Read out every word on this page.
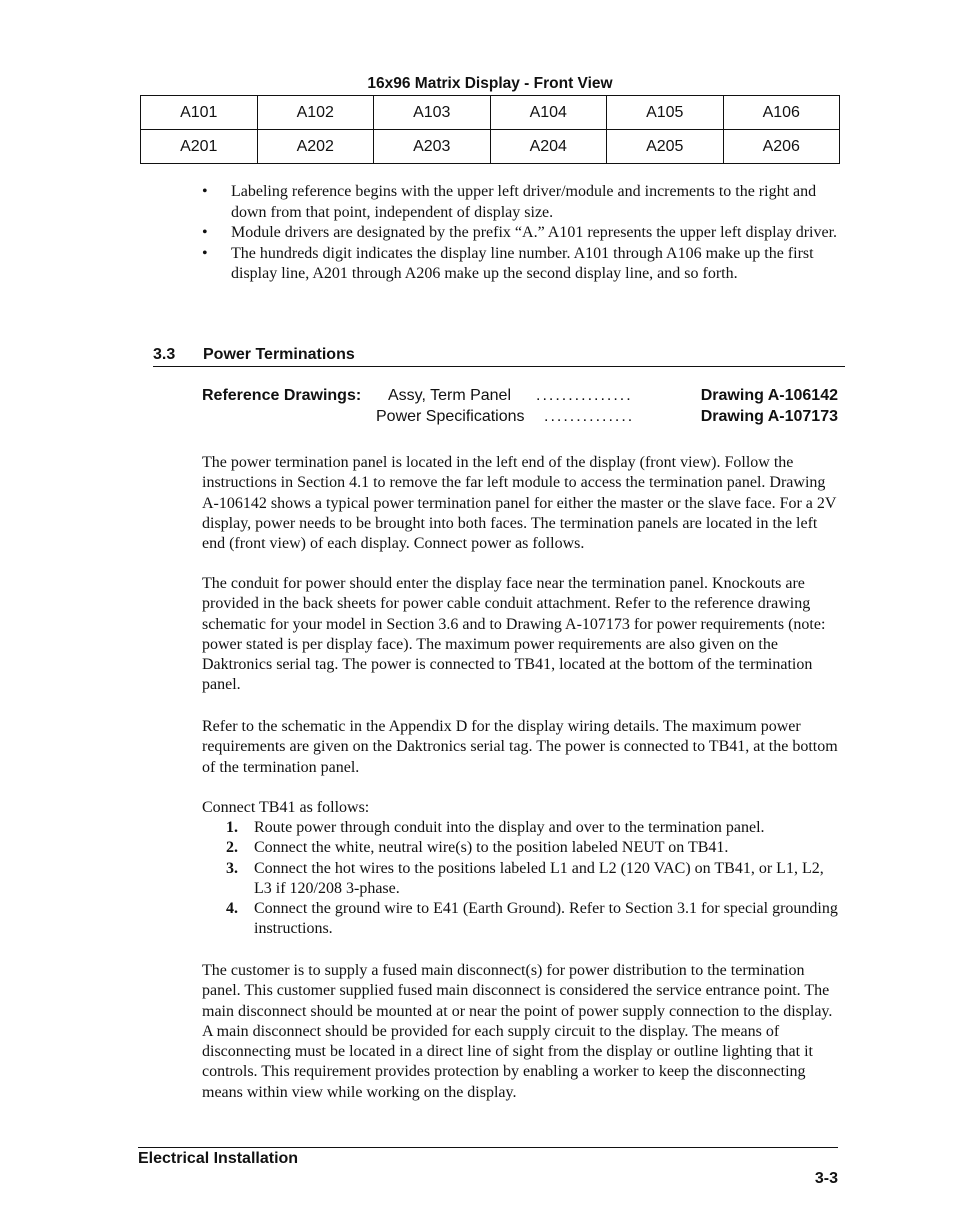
16x96 Matrix Display - Front View
A101	A102	A103	A104	A105	A106
A201	A202	A203	A204	A205	A206
• Labeling reference begins with the upper left driver/module and increments to the right and down from that point, independent of display size.
• Module drivers are designated by the prefix “A.” A101 represents the upper left display driver.
• The hundreds digit indicates the display line number. A101 through A106 make up the first display line, A201 through A206 make up the second display line, and so forth.
3.3 Power Terminations
Reference Drawings: Assy, Term Panel ...............	Drawing A-106142
Power Specifications ..............	Drawing A-107173

The power termination panel is located in the left end of the display (front view). Follow the instructions in Section 4.1 to remove the far left module to access the termination panel. Drawing A-106142 shows a typical power termination panel for either the master or the slave face. For a 2V display, power needs to be brought into both faces. The termination panels are located in the left end (front view) of each display. Connect power as follows.

The conduit for power should enter the display face near the termination panel. Knockouts are provided in the back sheets for power cable conduit attachment. Refer to the reference drawing schematic for your model in Section 3.6 and to Drawing A-107173 for power requirements (note: power stated is per display face). The maximum power requirements are also given on the Daktronics serial tag. The power is connected to TB41, located at the bottom of the termination panel.

Refer to the schematic in the Appendix D for the display wiring details. The maximum power requirements are given on the Daktronics serial tag. The power is connected to TB41, at the bottom of the termination panel.

Connect TB41 as follows:

1. Route power through conduit into the display and over to the termination panel.
2. Connect the white, neutral wire(s) to the position labeled NEUT on TB41.
3. Connect the hot wires to the positions labeled L1 and L2 (120 VAC) on TB41, or L1, L2, L3 if 120/208 3-phase.
4. Connect the ground wire to E41 (Earth Ground). Refer to Section 3.1 for special grounding instructions.

The customer is to supply a fused main disconnect(s) for power distribution to the termination panel. This customer supplied fused main disconnect is considered the service entrance point. The main disconnect should be mounted at or near the point of power supply connection to the display. A main disconnect should be provided for each supply circuit to the display. The means of disconnecting must be located in a direct line of sight from the display or outline lighting that it controls. This requirement provides protection by enabling a worker to keep the disconnecting means within view while working on the display.

Electrical Installation
3-3
